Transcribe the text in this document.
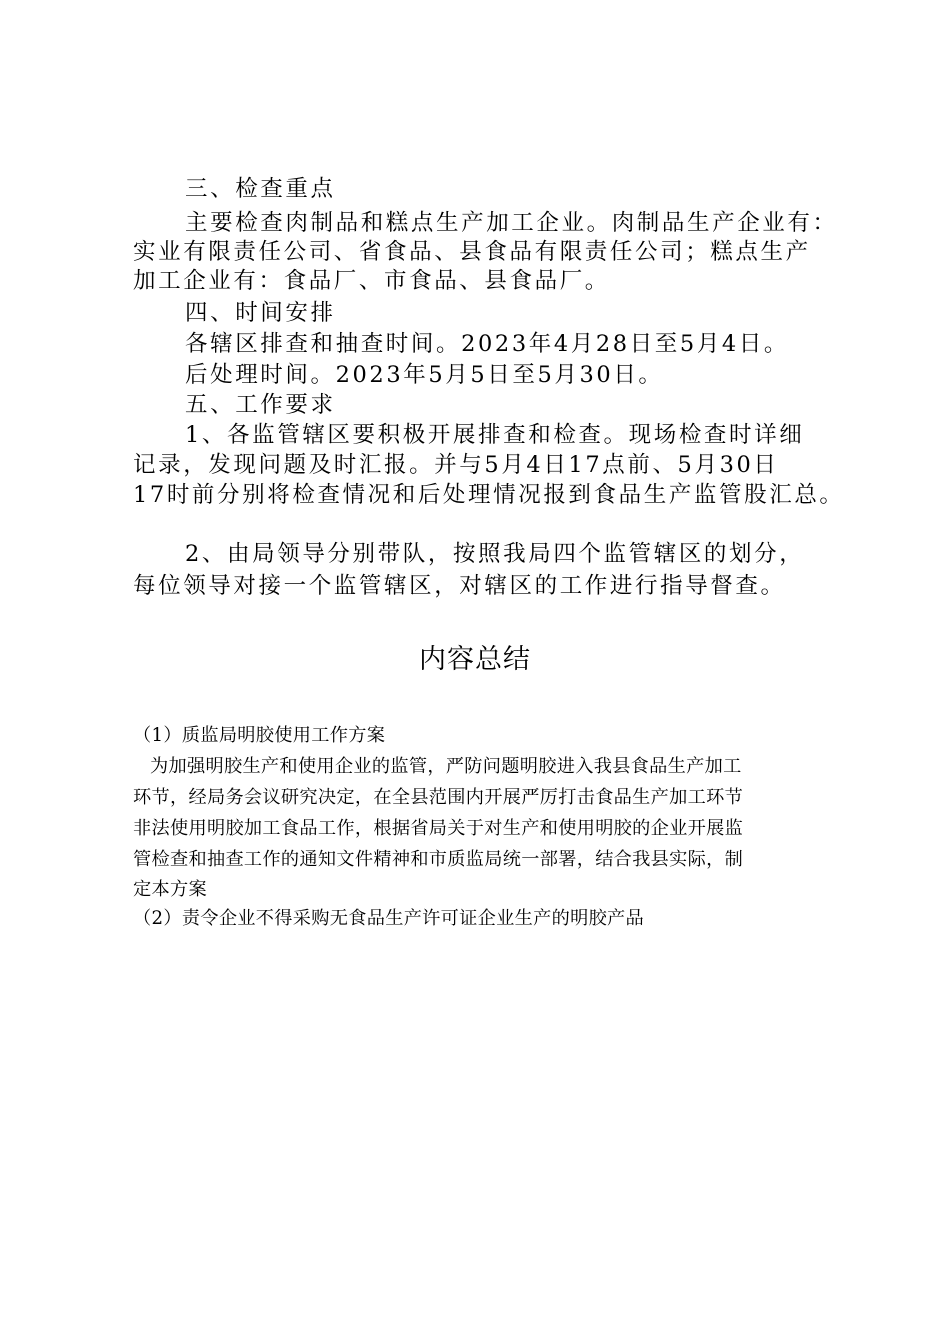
三、检查重点
主要检查肉制品和糕点生产加工企业。肉制品生产企业有：
实业有限责任公司、省食品、县食品有限责任公司；糕点生产
加工企业有：食品厂、市食品、县食品厂。
四、时间安排
各辖区排查和抽查时间。2023年4月28日至5月4日。
后处理时间。2023年5月5日至5月30日。
五、工作要求
1、各监管辖区要积极开展排查和检查。现场检查时详细
记录，发现问题及时汇报。并与5月4日17点前、5月30日
17时前分别将检查情况和后处理情况报到食品生产监管股汇总。
2、由局领导分别带队，按照我局四个监管辖区的划分，
每位领导对接一个监管辖区，对辖区的工作进行指导督查。
内容总结
（1）质监局明胶使用工作方案
为加强明胶生产和使用企业的监管，严防问题明胶进入我县食品生产加工
环节，经局务会议研究决定，在全县范围内开展严厉打击食品生产加工环节
非法使用明胶加工食品工作，根据省局关于对生产和使用明胶的企业开展监
管检查和抽查工作的通知文件精神和市质监局统一部署，结合我县实际，制
定本方案
（2）责令企业不得采购无食品生产许可证企业生产的明胶产品
